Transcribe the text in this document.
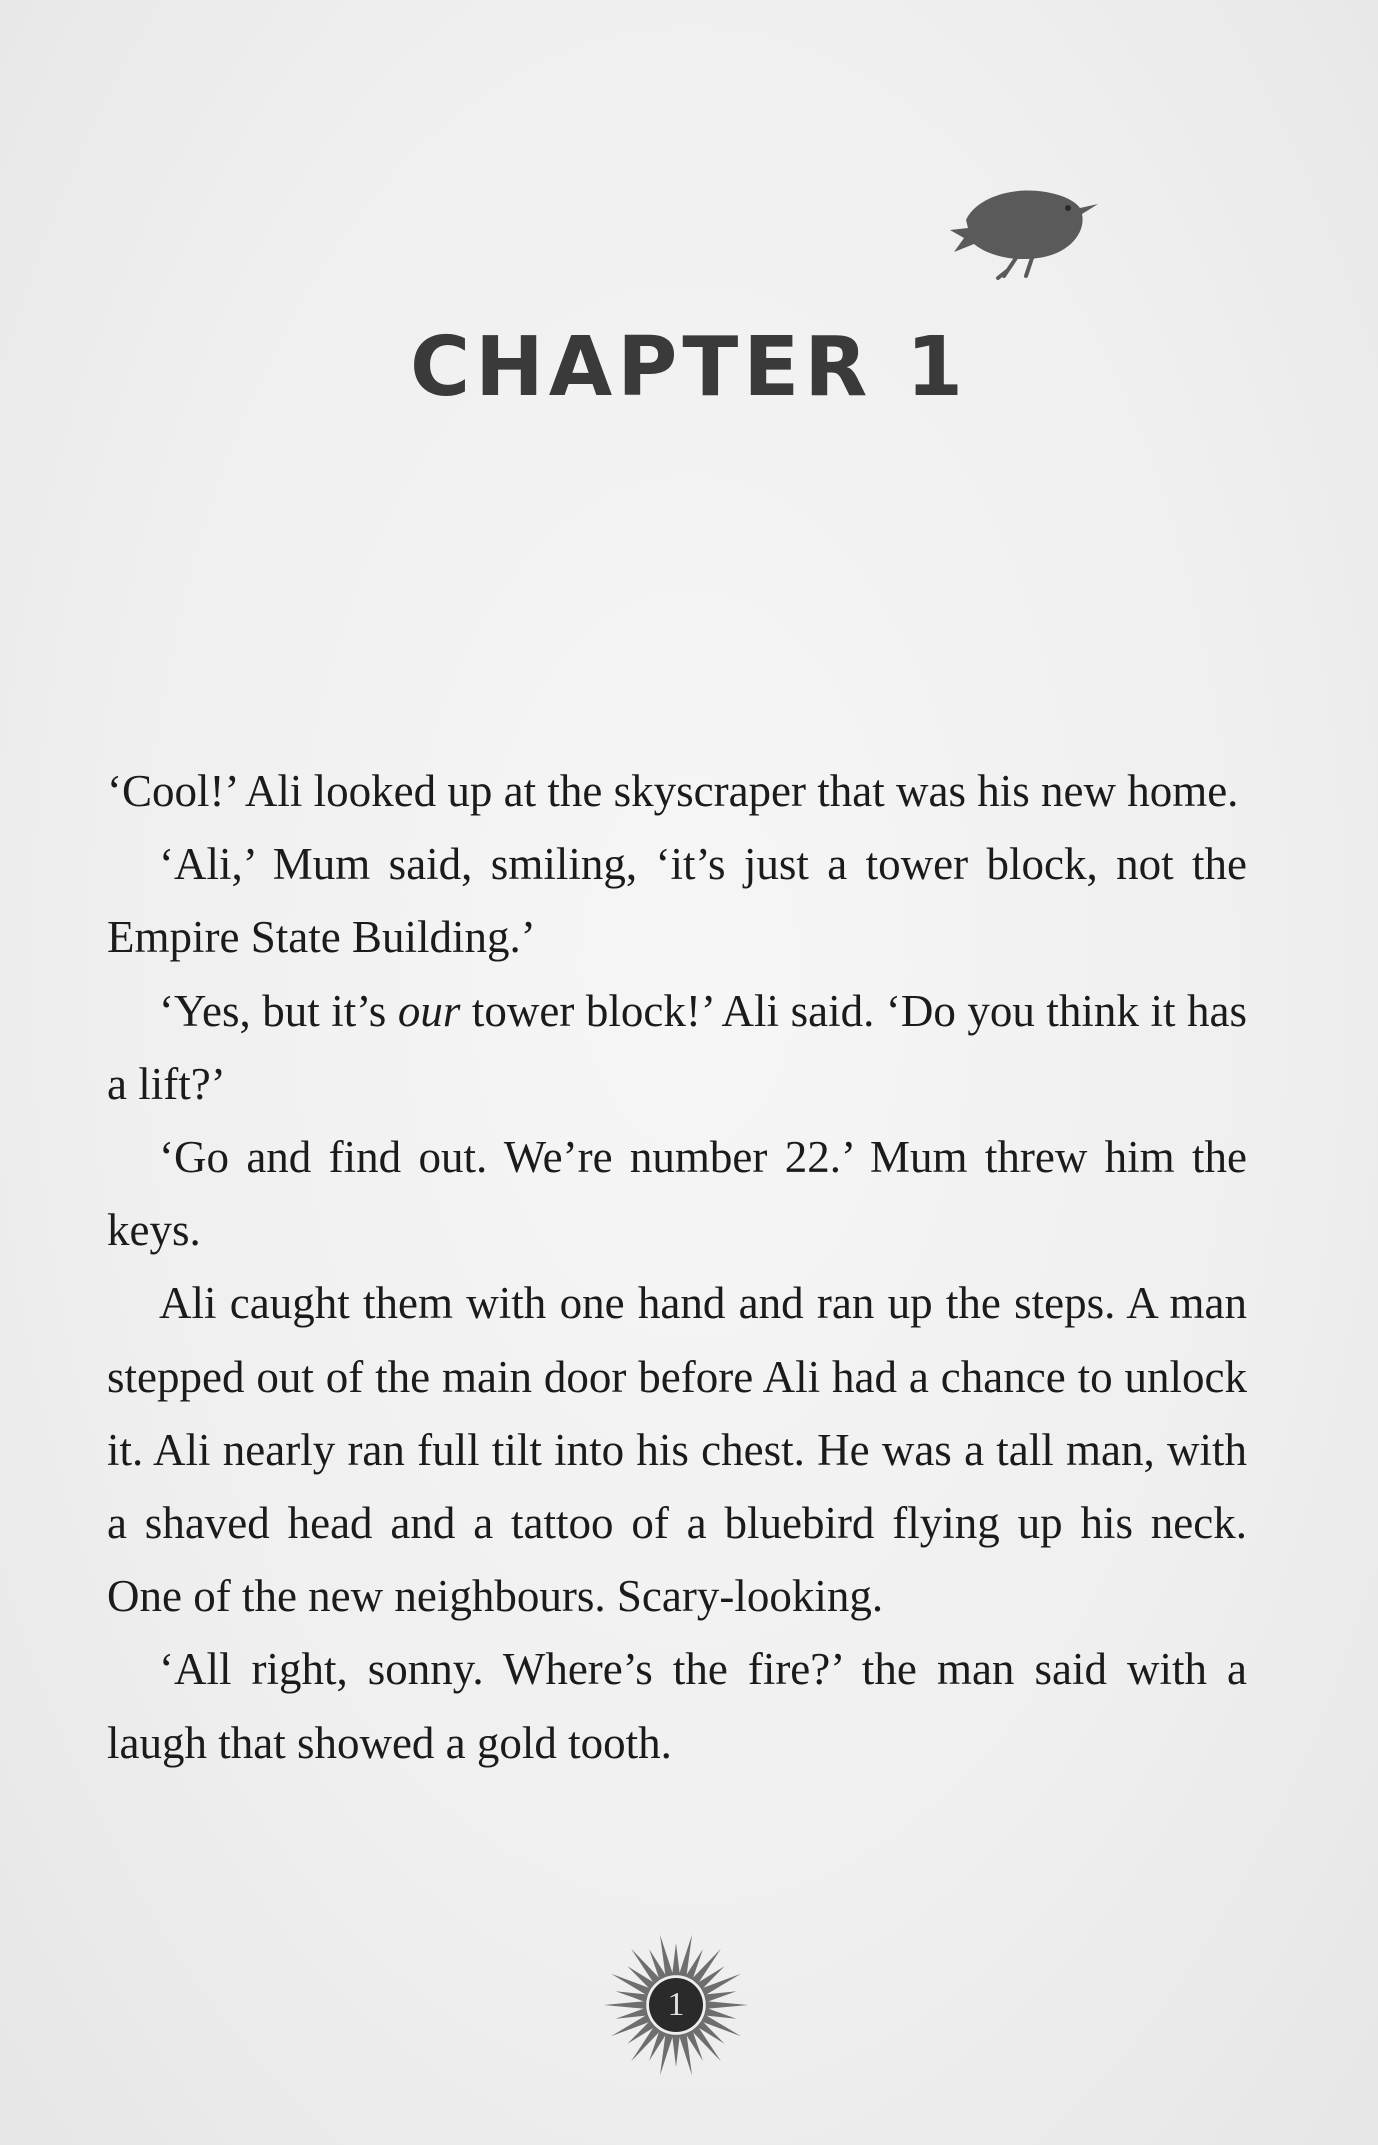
CHAPTER 1

‘Cool!’ Ali looked up at the skyscraper that was his new home.

‘Ali,’ Mum said, smiling, ‘it’s just a tower block, not the Empire State Building.’

‘Yes, but it’s our tower block!’ Ali said. ‘Do you think it has a lift?’

‘Go and find out. We’re number 22.’ Mum threw him the keys.

Ali caught them with one hand and ran up the steps. A man stepped out of the main door before Ali had a chance to unlock it. Ali nearly ran full tilt into his chest. He was a tall man, with a shaved head and a tattoo of a bluebird flying up his neck. One of the new neighbours. Scary-looking.

‘All right, sonny. Where’s the fire?’ the man said with a laugh that showed a gold tooth.

1
